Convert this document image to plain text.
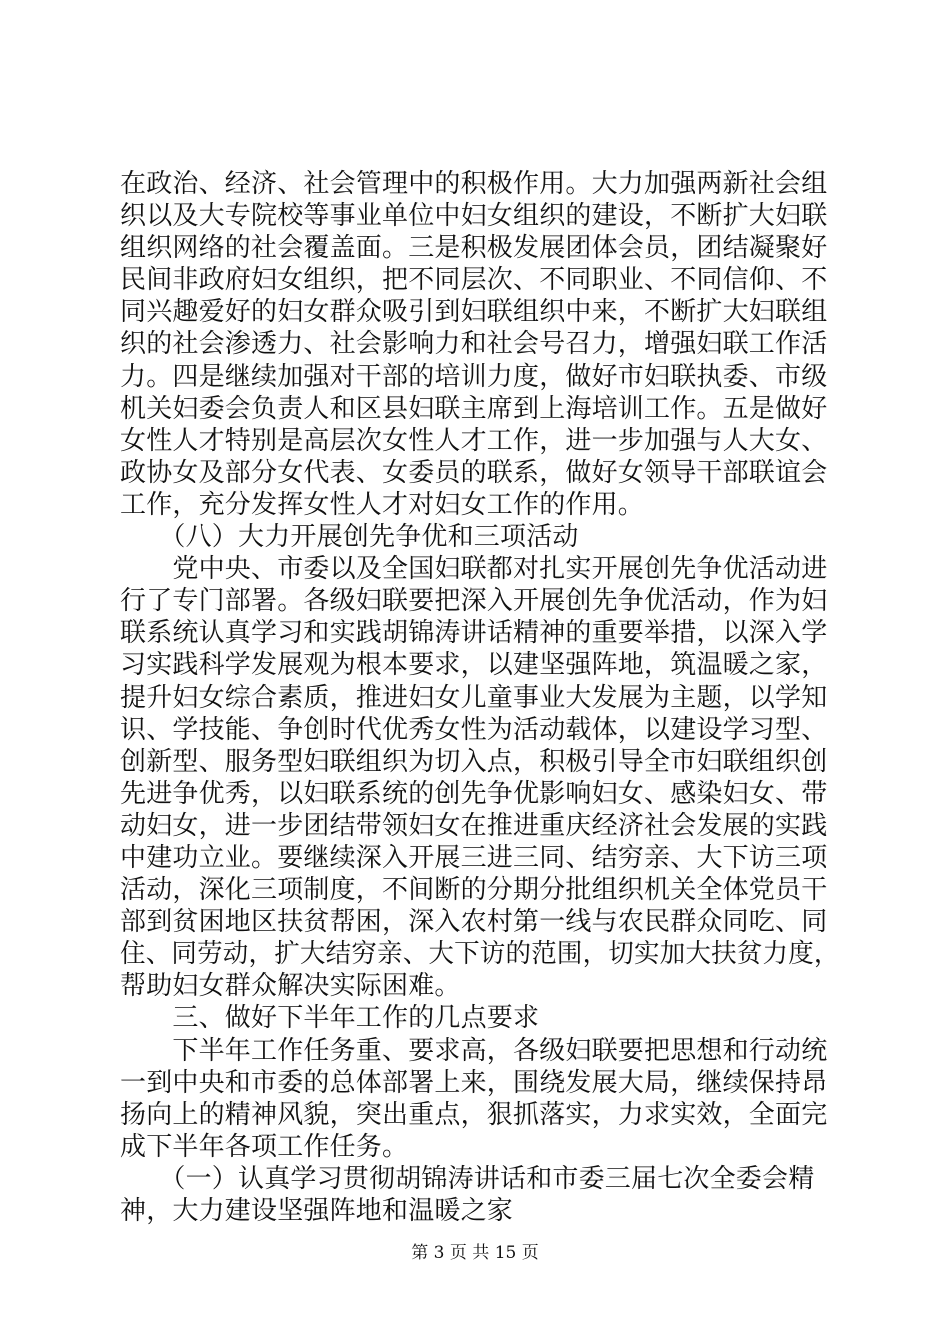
在政治、经济、社会管理中的积极作用。大力加强两新社会组
织以及大专院校等事业单位中妇女组织的建设，不断扩大妇联
组织网络的社会覆盖面。三是积极发展团体会员，团结凝聚好
民间非政府妇女组织，把不同层次、不同职业、不同信仰、不
同兴趣爱好的妇女群众吸引到妇联组织中来，不断扩大妇联组
织的社会渗透力、社会影响力和社会号召力，增强妇联工作活
力。四是继续加强对干部的培训力度，做好市妇联执委、市级
机关妇委会负责人和区县妇联主席到上海培训工作。五是做好
女性人才特别是高层次女性人才工作，进一步加强与人大女、
政协女及部分女代表、女委员的联系，做好女领导干部联谊会
工作，充分发挥女性人才对妇女工作的作用。
　　（八）大力开展创先争优和三项活动
　　党中央、市委以及全国妇联都对扎实开展创先争优活动进
行了专门部署。各级妇联要把深入开展创先争优活动，作为妇
联系统认真学习和实践胡锦涛讲话精神的重要举措，以深入学
习实践科学发展观为根本要求，以建坚强阵地，筑温暖之家，
提升妇女综合素质，推进妇女儿童事业大发展为主题，以学知
识、学技能、争创时代优秀女性为活动载体，以建设学习型、
创新型、服务型妇联组织为切入点，积极引导全市妇联组织创
先进争优秀，以妇联系统的创先争优影响妇女、感染妇女、带
动妇女，进一步团结带领妇女在推进重庆经济社会发展的实践
中建功立业。要继续深入开展三进三同、结穷亲、大下访三项
活动，深化三项制度，不间断的分期分批组织机关全体党员干
部到贫困地区扶贫帮困，深入农村第一线与农民群众同吃、同
住、同劳动，扩大结穷亲、大下访的范围，切实加大扶贫力度，
帮助妇女群众解决实际困难。
　　三、做好下半年工作的几点要求
　　下半年工作任务重、要求高，各级妇联要把思想和行动统
一到中央和市委的总体部署上来，围绕发展大局，继续保持昂
扬向上的精神风貌，突出重点，狠抓落实，力求实效，全面完
成下半年各项工作任务。
　　（一）认真学习贯彻胡锦涛讲话和市委三届七次全委会精
神，大力建设坚强阵地和温暖之家
第 3 页 共 15 页
